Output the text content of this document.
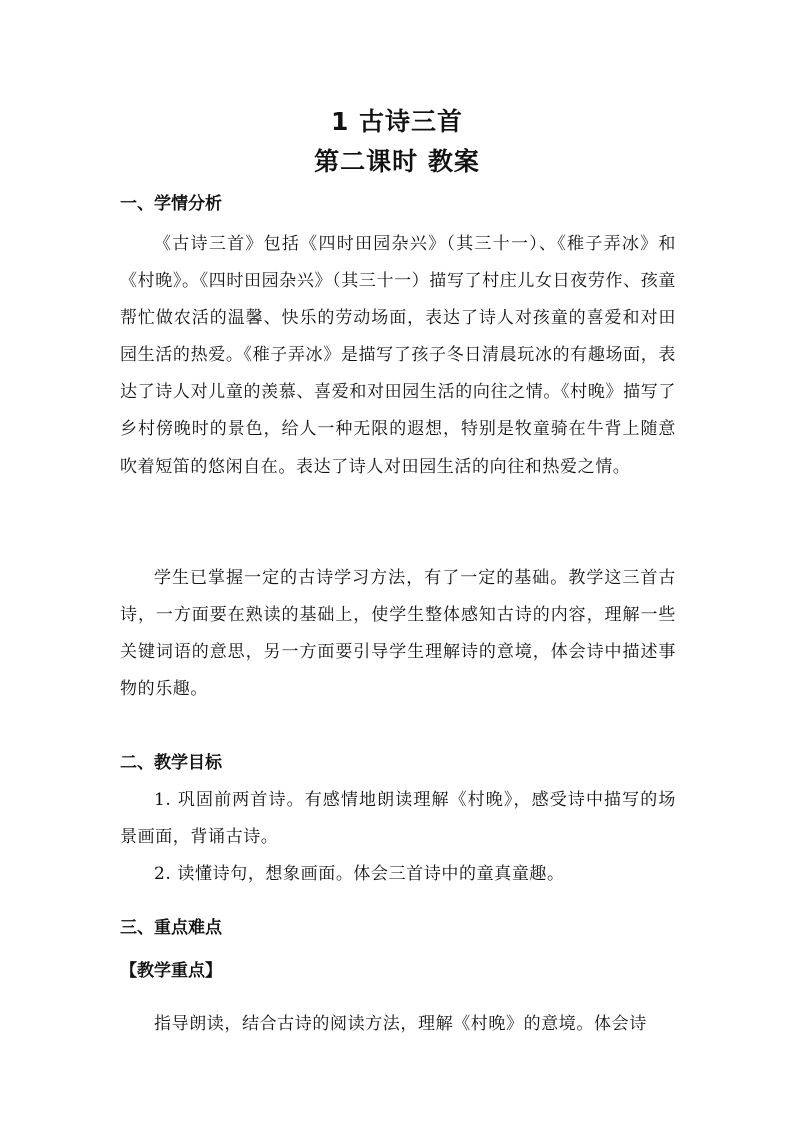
1 古诗三首
第二课时 教案
一、学情分析
《古诗三首》包括《四时田园杂兴》（其三十一）、《稚子弄冰》和《村晚》。《四时田园杂兴》（其三十一）描写了村庄儿女日夜劳作、孩童帮忙做农活的温馨、快乐的劳动场面，表达了诗人对孩童的喜爱和对田园生活的热爱。《稚子弄冰》是描写了孩子冬日清晨玩冰的有趣场面，表达了诗人对儿童的羡慕、喜爱和对田园生活的向往之情。《村晚》描写了乡村傍晚时的景色，给人一种无限的遐想，特别是牧童骑在牛背上随意吹着短笛的悠闲自在。表达了诗人对田园生活的向往和热爱之情。
学生已掌握一定的古诗学习方法，有了一定的基础。教学这三首古诗，一方面要在熟读的基础上，使学生整体感知古诗的内容，理解一些关键词语的意思，另一方面要引导学生理解诗的意境，体会诗中描述事物的乐趣。
二、教学目标
1. 巩固前两首诗。有感情地朗读理解《村晚》，感受诗中描写的场景画面，背诵古诗。
2. 读懂诗句，想象画面。体会三首诗中的童真童趣。
三、重点难点
【教学重点】
指导朗读，结合古诗的阅读方法，理解《村晚》的意境。体会诗
